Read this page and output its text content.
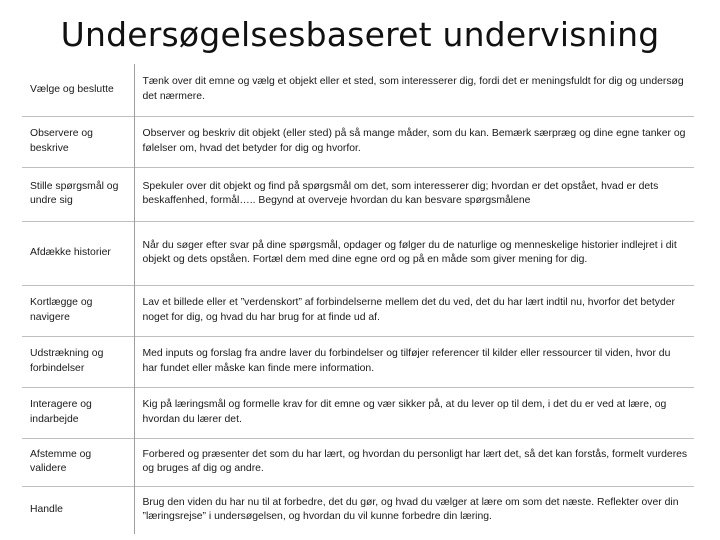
Undersøgelsesbaseret undervisning
Vælge og beslutte	Tænk over dit emne og vælg et objekt eller et sted, som interesserer dig, fordi det er meningsfuldt for dig og undersøg det nærmere.
Observere og beskrive	Observer og beskriv dit objekt (eller sted) på så mange måder, som du kan. Bemærk særpræg og dine egne tanker og følelser om, hvad det betyder for dig og hvorfor.
Stille spørgsmål og undre sig	Spekuler over dit objekt og find på spørgsmål om det, som interesserer dig; hvordan er det opstået, hvad er dets beskaffenhed, formål….. Begynd at overveje hvordan du kan besvare spørgsmålene
Afdække historier	Når du søger efter svar på dine spørgsmål, opdager og følger du de naturlige og menneskelige historier indlejret i dit objekt og dets opståen. Fortæl dem med dine egne ord og på en måde som giver mening for dig.
Kortlægge og navigere	Lav et billede eller et ”verdenskort” af forbindelserne mellem det du ved, det du har lært indtil nu, hvorfor det betyder noget for dig, og hvad du har brug for at finde ud af.
Udstrækning og forbindelser	Med inputs og forslag fra andre laver du forbindelser og tilføjer referencer til kilder eller ressourcer til viden, hvor du har fundet eller måske kan finde mere information.
Interagere og indarbejde	Kig på læringsmål og formelle krav for dit emne og vær sikker på, at du lever op til dem, i det du er ved at lære, og hvordan du lærer det.
Afstemme og validere	Forbered og præsenter det som du har lært, og hvordan du personligt har lært det, så det kan forstås, formelt vurderes og bruges af dig og andre.
Handle	Brug den viden du har nu til at forbedre, det du gør, og hvad du vælger at lære om som det næste. Reflekter over din ”læringsrejse” i undersøgelsen, og hvordan du vil kunne forbedre din læring.
